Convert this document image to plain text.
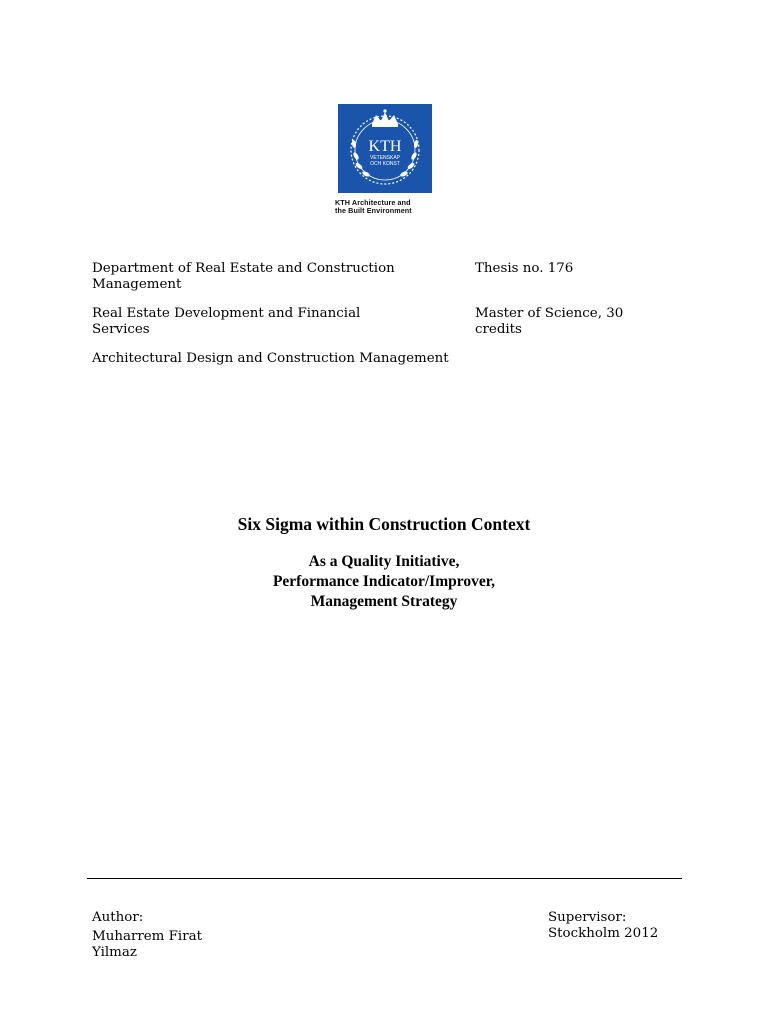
KTH
VETENSKAP
OCH KONST
KTH Architecture and
the Built Environment
Department of Real Estate and Construction Management
Thesis no. 176
Real Estate Development and Financial Services
Master of Science, 30 credits
Architectural Design and Construction Management
Six Sigma within Construction Context
As a Quality Initiative,
Performance Indicator/Improver,
Management Strategy
Author:
Muharrem Firat Yilmaz
Supervisor:
Stockholm 2012
